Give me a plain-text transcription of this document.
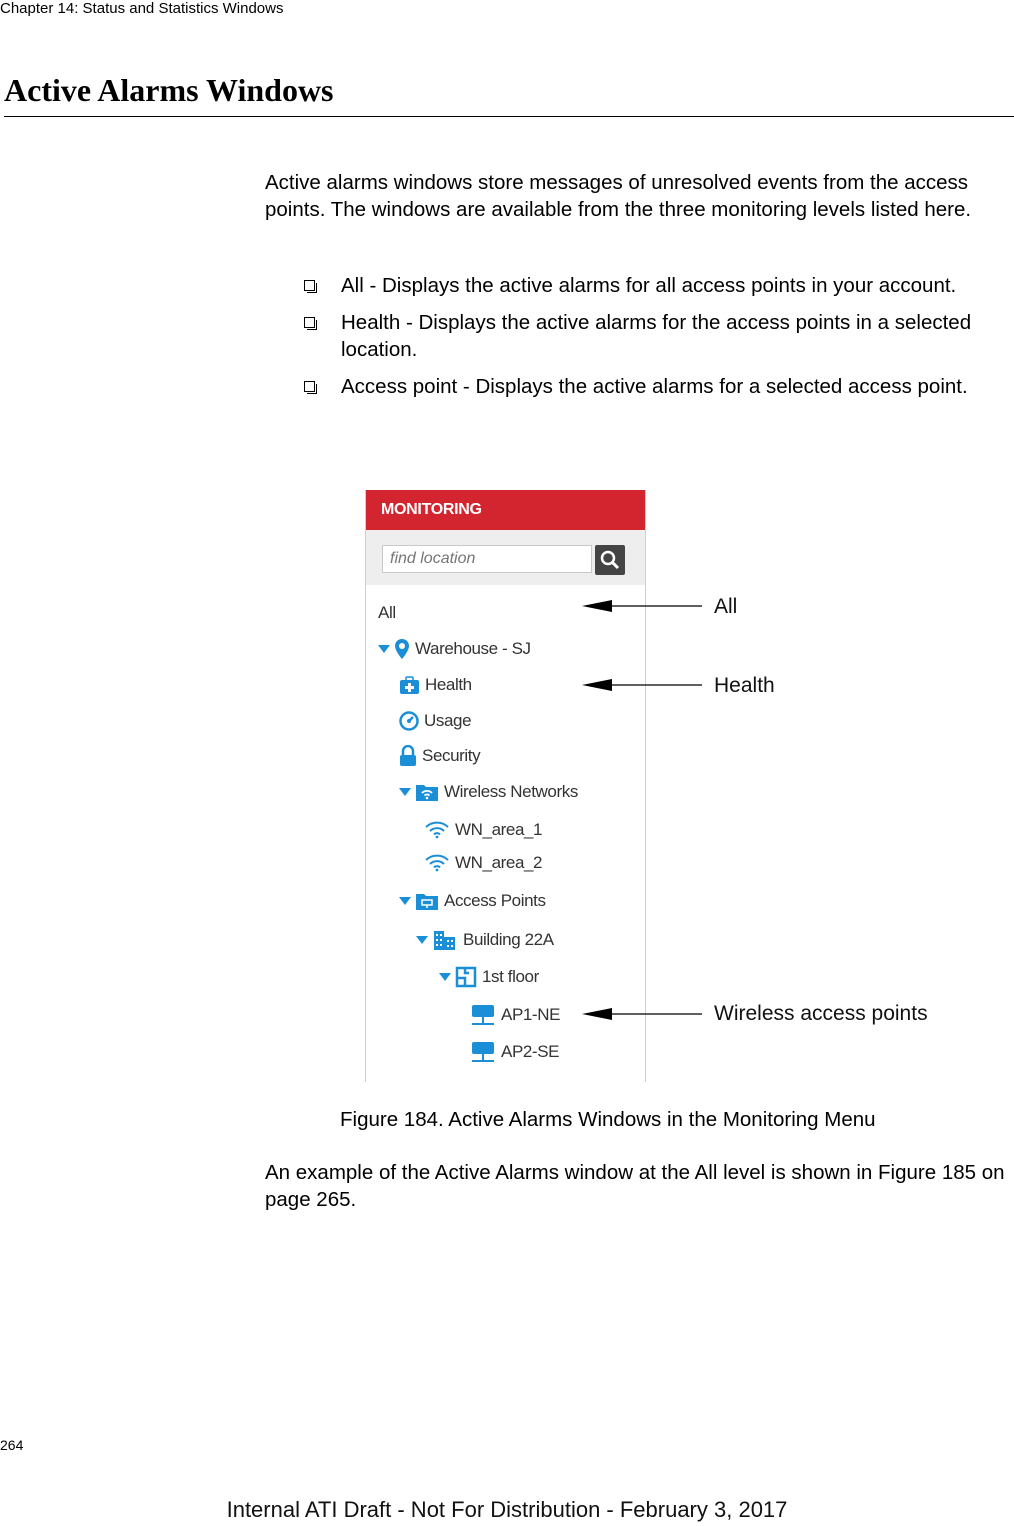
Chapter 14: Status and Statistics Windows
Active Alarms Windows
Active alarms windows store messages of unresolved events from the access points. The windows are available from the three monitoring levels listed here.
All - Displays the active alarms for all access points in your account.
Health - Displays the active alarms for the access points in a selected location.
Access point - Displays the active alarms for a selected access point.
MONITORING
find location
All
Warehouse - SJ
Health
Usage
Security
Wireless Networks
WN_area_1
WN_area_2
Access Points
Building 22A
1st floor
AP1-NE
AP2-SE
All
Health
Wireless access points
Figure 184. Active Alarms Windows in the Monitoring Menu
An example of the Active Alarms window at the All level is shown in Figure 185 on page 265.
264
Internal ATI Draft - Not For Distribution - February 3, 2017
